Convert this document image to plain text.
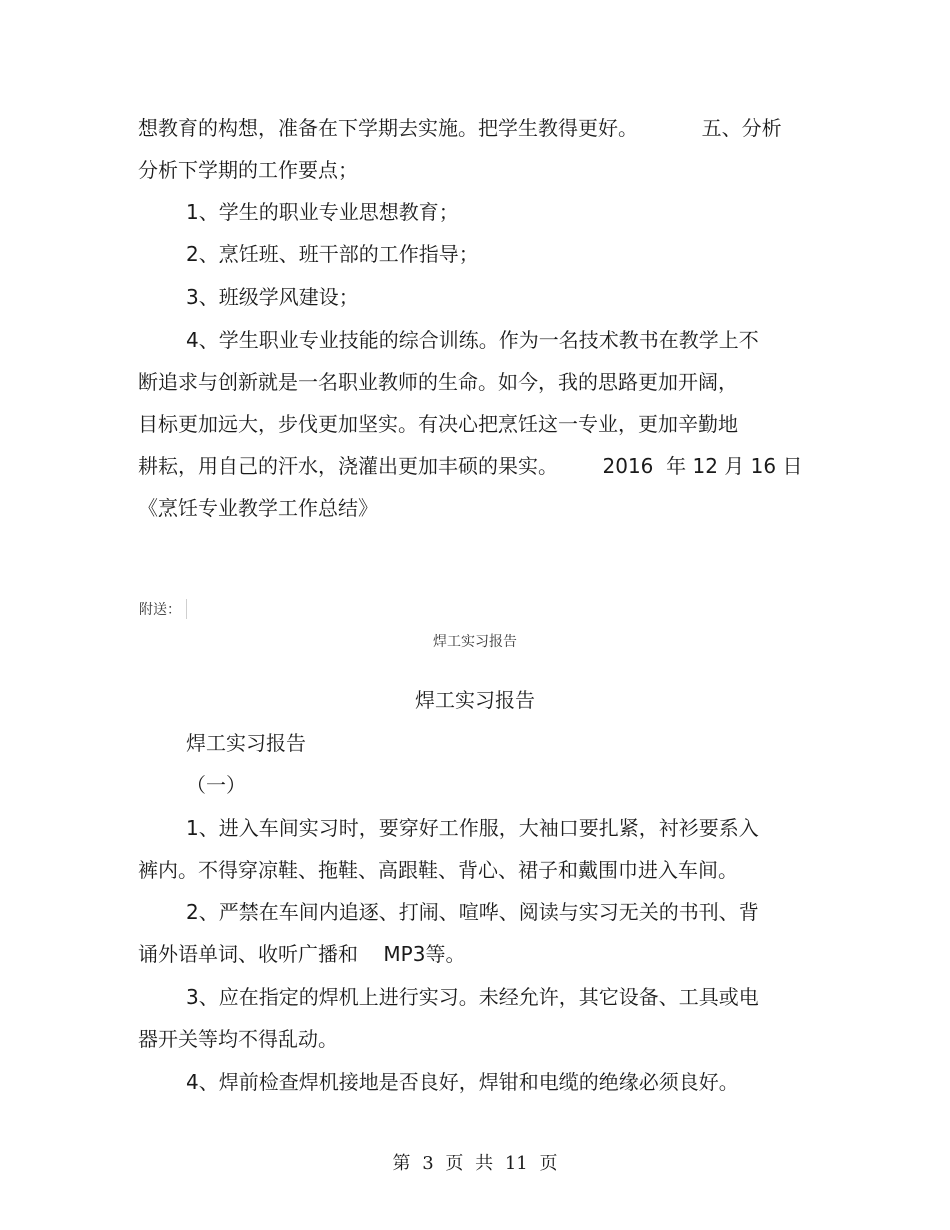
想教育的构想，准备在下学期去实施。把学生教得更好。          五、分析

分析下学期的工作要点；

1、学生的职业专业思想教育；

2、烹饪班、班干部的工作指导；

3、班级学风建设；

4、学生职业专业技能的综合训练。作为一名技术教书在教学上不

断追求与创新就是一名职业教师的生命。如今，我的思路更加开阔，

目标更加远大，步伐更加坚实。有决心把烹饪这一专业，更加辛勤地

耕耘，用自己的汗水，浇灌出更加丰硕的果实。       2016  年 12 月 16 日

《烹饪专业教学工作总结》

附送：

焊工实习报告

焊工实习报告

焊工实习报告

（一）

1、进入车间实习时，要穿好工作服，大袖口要扎紧，衬衫要系入

裤内。不得穿凉鞋、拖鞋、高跟鞋、背心、裙子和戴围巾进入车间。

2、严禁在车间内追逐、打闹、喧哗、阅读与实习无关的书刊、背

诵外语单词、收听广播和    MP3等。

3、应在指定的焊机上进行实习。未经允许，其它设备、工具或电

器开关等均不得乱动。

4、焊前检查焊机接地是否良好，焊钳和电缆的绝缘必须良好。

第 3 页 共 11 页
